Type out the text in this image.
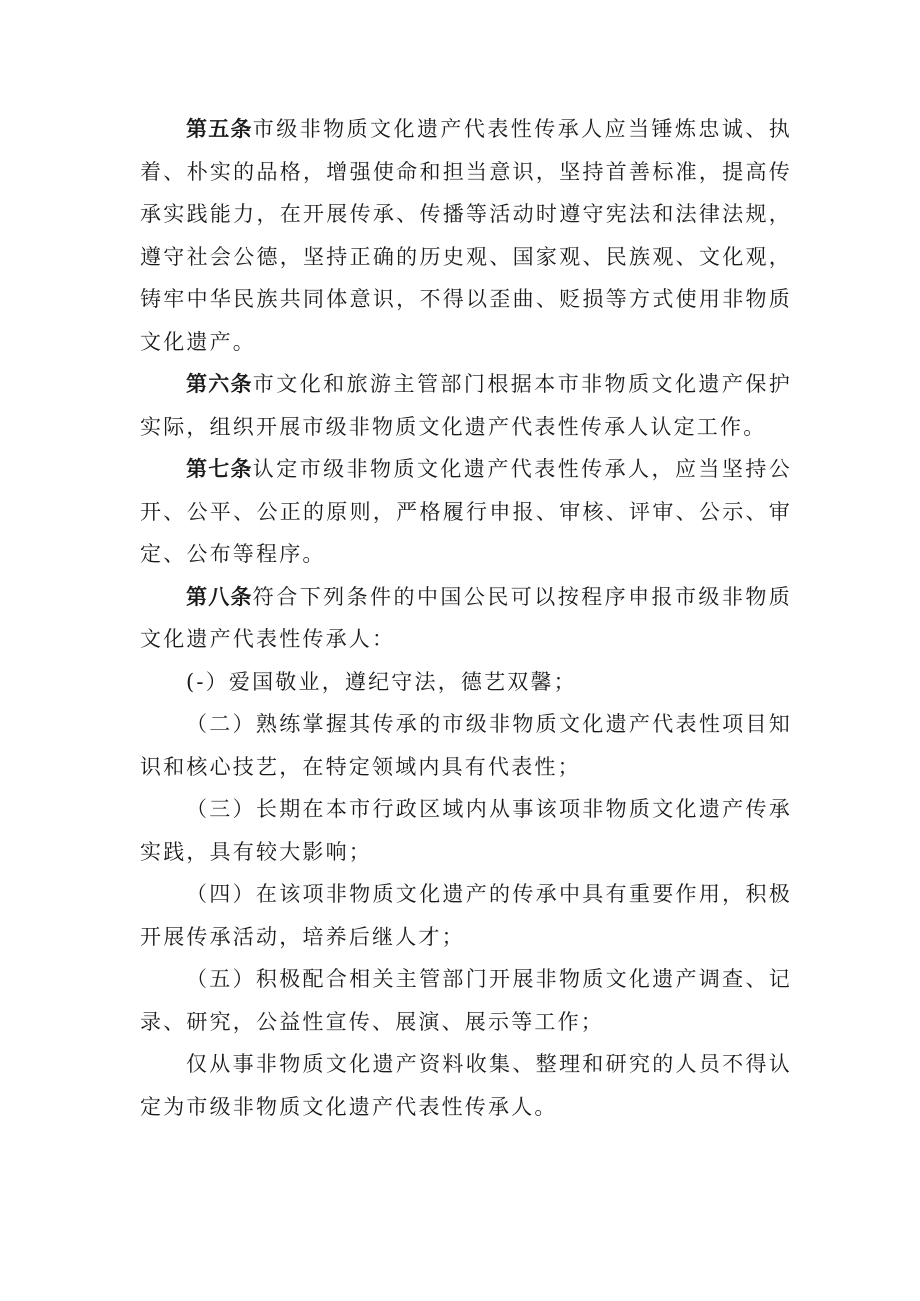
第五条市级非物质文化遗产代表性传承人应当锤炼忠诚、执着、朴实的品格，增强使命和担当意识，坚持首善标准，提高传承实践能力，在开展传承、传播等活动时遵守宪法和法律法规，遵守社会公德，坚持正确的历史观、国家观、民族观、文化观，铸牢中华民族共同体意识，不得以歪曲、贬损等方式使用非物质文化遗产。

第六条市文化和旅游主管部门根据本市非物质文化遗产保护实际，组织开展市级非物质文化遗产代表性传承人认定工作。

第七条认定市级非物质文化遗产代表性传承人，应当坚持公开、公平、公正的原则，严格履行申报、审核、评审、公示、审定、公布等程序。

第八条符合下列条件的中国公民可以按程序申报市级非物质文化遗产代表性传承人：

(-）爱国敬业，遵纪守法，德艺双馨；

（二）熟练掌握其传承的市级非物质文化遗产代表性项目知识和核心技艺，在特定领域内具有代表性；

（三）长期在本市行政区域内从事该项非物质文化遗产传承实践，具有较大影响；

（四）在该项非物质文化遗产的传承中具有重要作用，积极开展传承活动，培养后继人才；

（五）积极配合相关主管部门开展非物质文化遗产调查、记录、研究，公益性宣传、展演、展示等工作；

仅从事非物质文化遗产资料收集、整理和研究的人员不得认定为市级非物质文化遗产代表性传承人。
